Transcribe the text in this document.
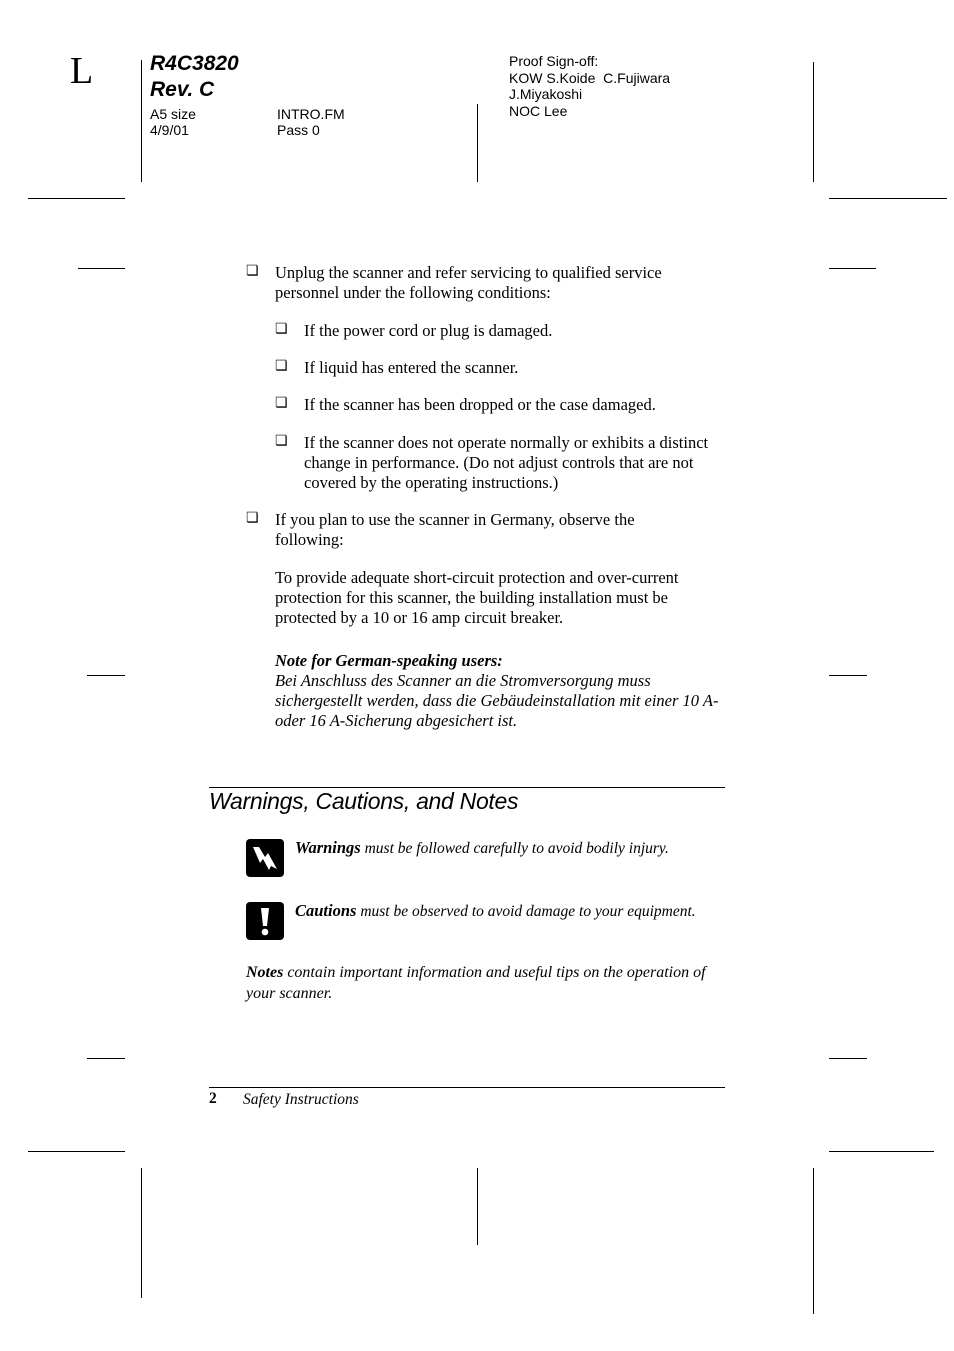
L	R4C3820
Rev. C
A5 size
4/9/01
INTRO.FM
Pass 0
Proof Sign-off:
KOW S.Koide  C.Fujiwara
J.Miyakoshi
NOC Lee
❏ Unplug the scanner and refer servicing to qualified service personnel under the following conditions:
❏ If the power cord or plug is damaged.
❏ If liquid has entered the scanner.
❏ If the scanner has been dropped or the case damaged.
❏ If the scanner does not operate normally or exhibits a distinct change in performance. (Do not adjust controls that are not covered by the operating instructions.)
❏ If you plan to use the scanner in Germany, observe the following:
To provide adequate short-circuit protection and over-current protection for this scanner, the building installation must be protected by a 10 or 16 amp circuit breaker.
Note for German-speaking users:
Bei Anschluss des Scanner an die Stromversorgung muss
sichergestellt werden, dass die Gebäudeinstallation mit einer 10 A-
oder 16 A-Sicherung abgesichert ist.
Warnings, Cautions, and Notes
Warnings must be followed carefully to avoid bodily injury.
Cautions must be observed to avoid damage to your equipment.
Notes contain important information and useful tips on the operation of your scanner.
2 Safety Instructions
